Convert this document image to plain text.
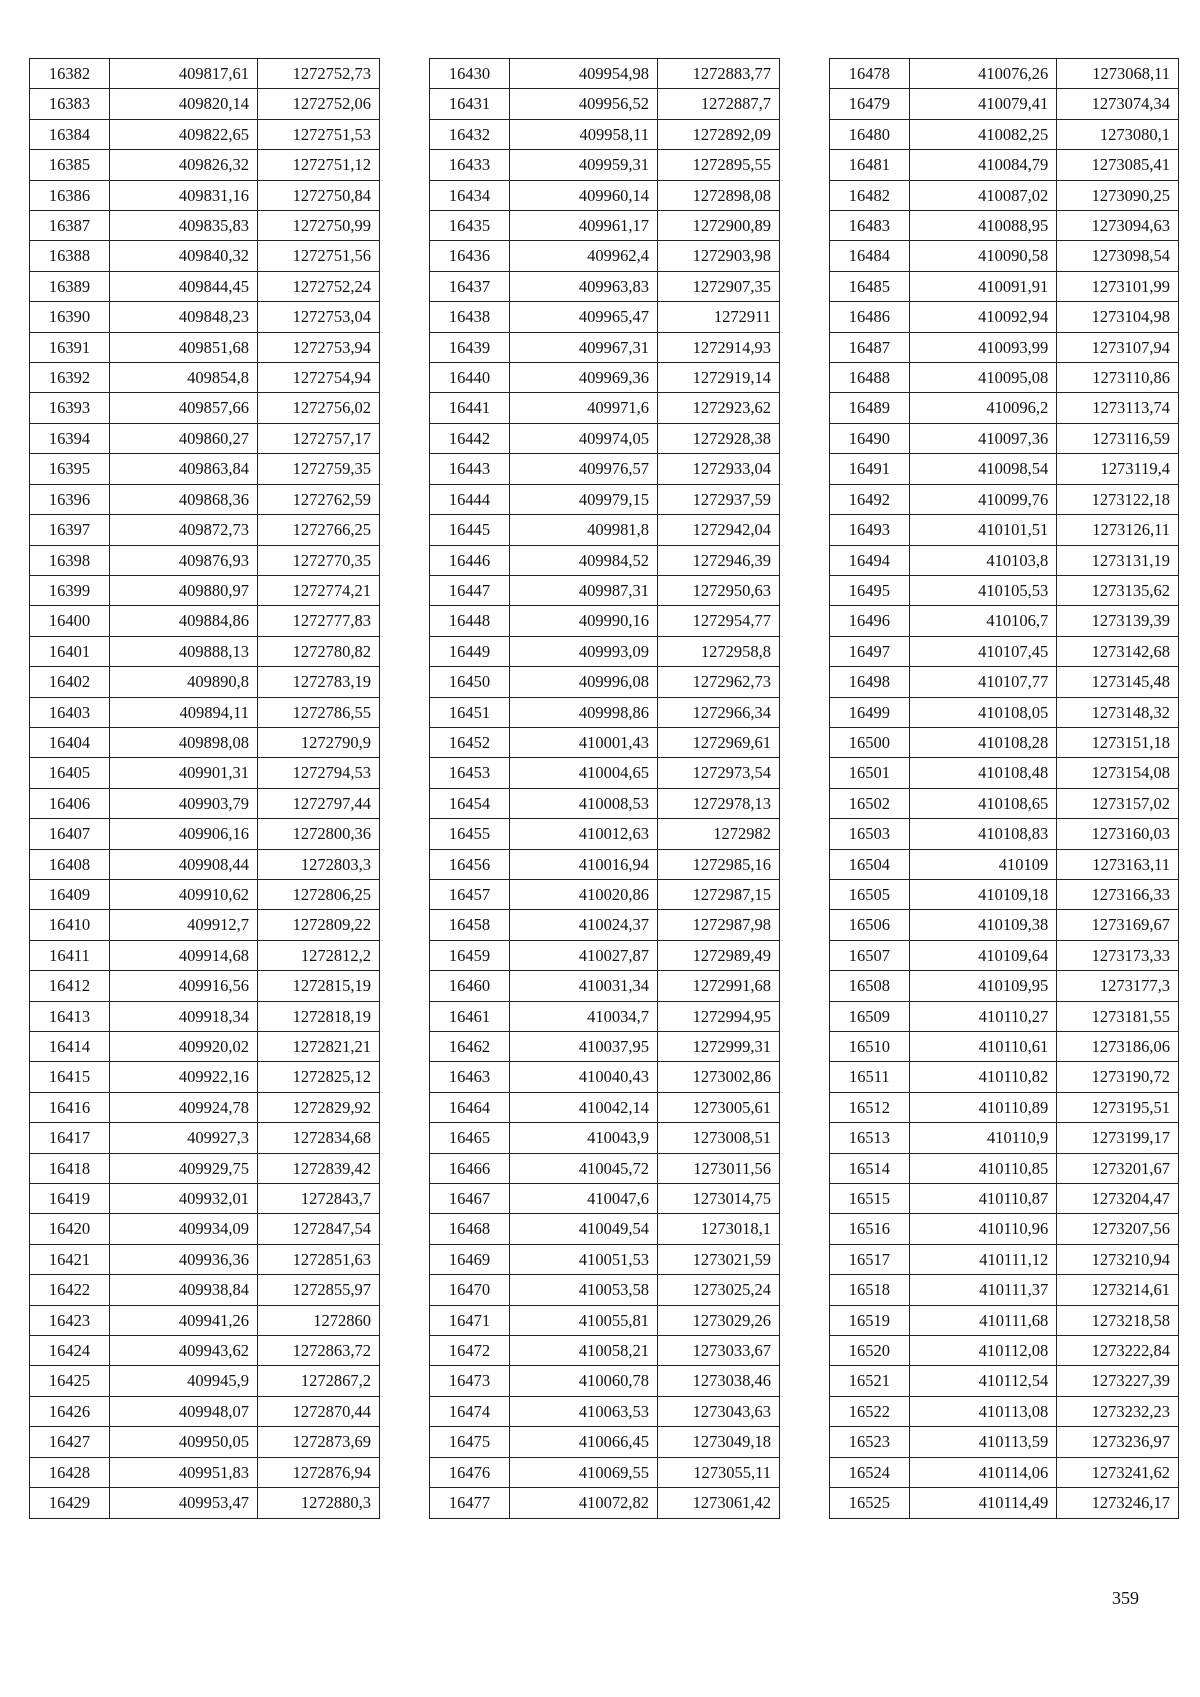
16382	409817,61	1272752,73
16383	409820,14	1272752,06
16384	409822,65	1272751,53
16385	409826,32	1272751,12
16386	409831,16	1272750,84
16387	409835,83	1272750,99
16388	409840,32	1272751,56
16389	409844,45	1272752,24
16390	409848,23	1272753,04
16391	409851,68	1272753,94
16392	409854,8	1272754,94
16393	409857,66	1272756,02
16394	409860,27	1272757,17
16395	409863,84	1272759,35
16396	409868,36	1272762,59
16397	409872,73	1272766,25
16398	409876,93	1272770,35
16399	409880,97	1272774,21
16400	409884,86	1272777,83
16401	409888,13	1272780,82
16402	409890,8	1272783,19
16403	409894,11	1272786,55
16404	409898,08	1272790,9
16405	409901,31	1272794,53
16406	409903,79	1272797,44
16407	409906,16	1272800,36
16408	409908,44	1272803,3
16409	409910,62	1272806,25
16410	409912,7	1272809,22
16411	409914,68	1272812,2
16412	409916,56	1272815,19
16413	409918,34	1272818,19
16414	409920,02	1272821,21
16415	409922,16	1272825,12
16416	409924,78	1272829,92
16417	409927,3	1272834,68
16418	409929,75	1272839,42
16419	409932,01	1272843,7
16420	409934,09	1272847,54
16421	409936,36	1272851,63
16422	409938,84	1272855,97
16423	409941,26	1272860
16424	409943,62	1272863,72
16425	409945,9	1272867,2
16426	409948,07	1272870,44
16427	409950,05	1272873,69
16428	409951,83	1272876,94
16429	409953,47	1272880,3
16430	409954,98	1272883,77
16431	409956,52	1272887,7
16432	409958,11	1272892,09
16433	409959,31	1272895,55
16434	409960,14	1272898,08
16435	409961,17	1272900,89
16436	409962,4	1272903,98
16437	409963,83	1272907,35
16438	409965,47	1272911
16439	409967,31	1272914,93
16440	409969,36	1272919,14
16441	409971,6	1272923,62
16442	409974,05	1272928,38
16443	409976,57	1272933,04
16444	409979,15	1272937,59
16445	409981,8	1272942,04
16446	409984,52	1272946,39
16447	409987,31	1272950,63
16448	409990,16	1272954,77
16449	409993,09	1272958,8
16450	409996,08	1272962,73
16451	409998,86	1272966,34
16452	410001,43	1272969,61
16453	410004,65	1272973,54
16454	410008,53	1272978,13
16455	410012,63	1272982
16456	410016,94	1272985,16
16457	410020,86	1272987,15
16458	410024,37	1272987,98
16459	410027,87	1272989,49
16460	410031,34	1272991,68
16461	410034,7	1272994,95
16462	410037,95	1272999,31
16463	410040,43	1273002,86
16464	410042,14	1273005,61
16465	410043,9	1273008,51
16466	410045,72	1273011,56
16467	410047,6	1273014,75
16468	410049,54	1273018,1
16469	410051,53	1273021,59
16470	410053,58	1273025,24
16471	410055,81	1273029,26
16472	410058,21	1273033,67
16473	410060,78	1273038,46
16474	410063,53	1273043,63
16475	410066,45	1273049,18
16476	410069,55	1273055,11
16477	410072,82	1273061,42
16478	410076,26	1273068,11
16479	410079,41	1273074,34
16480	410082,25	1273080,1
16481	410084,79	1273085,41
16482	410087,02	1273090,25
16483	410088,95	1273094,63
16484	410090,58	1273098,54
16485	410091,91	1273101,99
16486	410092,94	1273104,98
16487	410093,99	1273107,94
16488	410095,08	1273110,86
16489	410096,2	1273113,74
16490	410097,36	1273116,59
16491	410098,54	1273119,4
16492	410099,76	1273122,18
16493	410101,51	1273126,11
16494	410103,8	1273131,19
16495	410105,53	1273135,62
16496	410106,7	1273139,39
16497	410107,45	1273142,68
16498	410107,77	1273145,48
16499	410108,05	1273148,32
16500	410108,28	1273151,18
16501	410108,48	1273154,08
16502	410108,65	1273157,02
16503	410108,83	1273160,03
16504	410109	1273163,11
16505	410109,18	1273166,33
16506	410109,38	1273169,67
16507	410109,64	1273173,33
16508	410109,95	1273177,3
16509	410110,27	1273181,55
16510	410110,61	1273186,06
16511	410110,82	1273190,72
16512	410110,89	1273195,51
16513	410110,9	1273199,17
16514	410110,85	1273201,67
16515	410110,87	1273204,47
16516	410110,96	1273207,56
16517	410111,12	1273210,94
16518	410111,37	1273214,61
16519	410111,68	1273218,58
16520	410112,08	1273222,84
16521	410112,54	1273227,39
16522	410113,08	1273232,23
16523	410113,59	1273236,97
16524	410114,06	1273241,62
16525	410114,49	1273246,17
359
